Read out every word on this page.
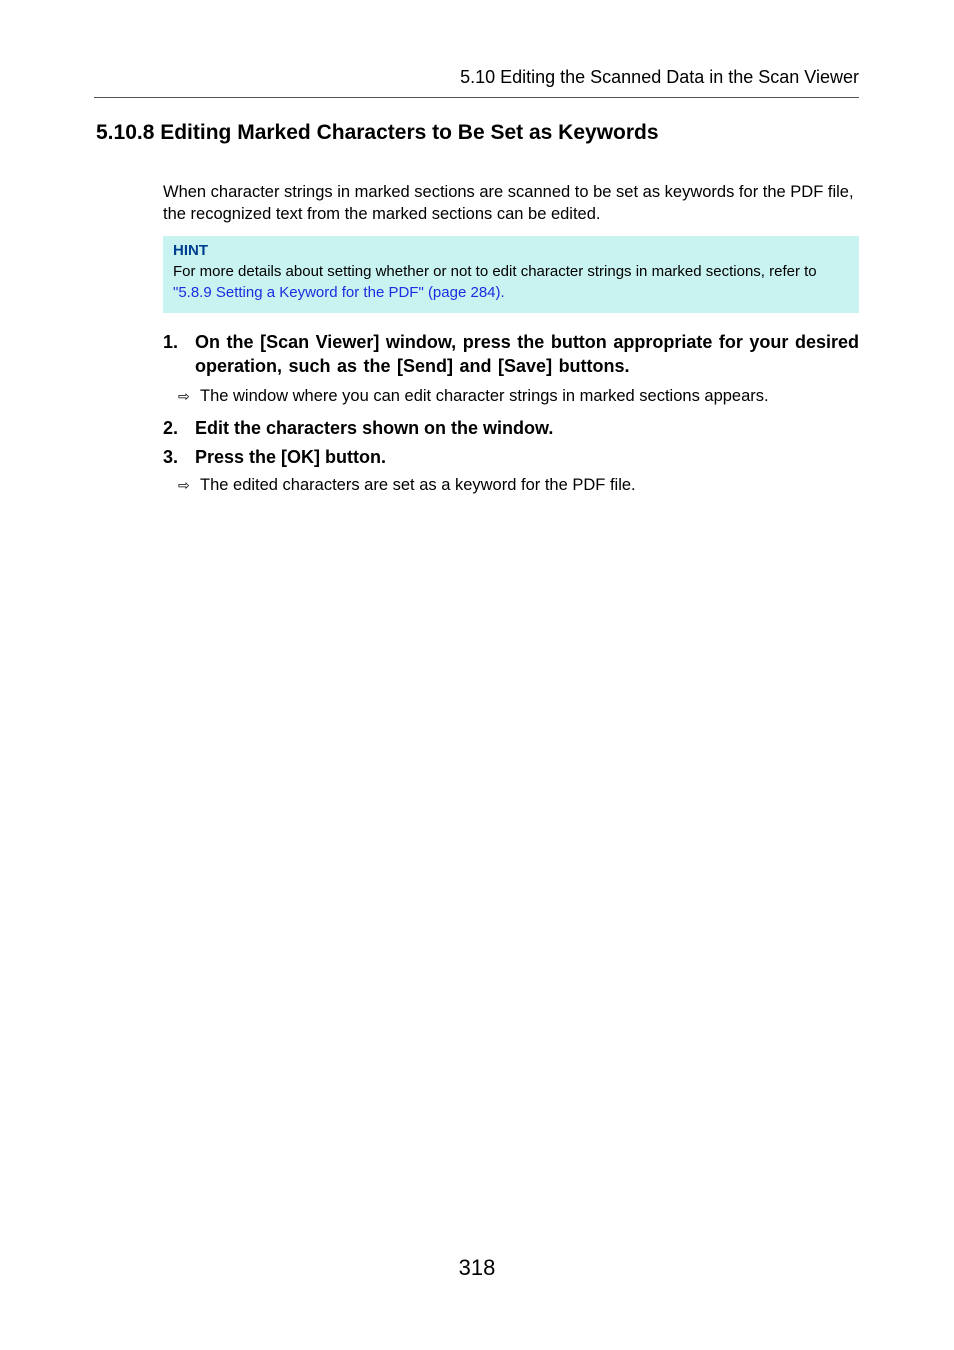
5.10 Editing the Scanned Data in the Scan Viewer
5.10.8 Editing Marked Characters to Be Set as Keywords

When character strings in marked sections are scanned to be set as keywords for the PDF file, the recognized text from the marked sections can be edited.

HINT
For more details about setting whether or not to edit character strings in marked sections, refer to "5.8.9 Setting a Keyword for the PDF" (page 284).
1. On the [Scan Viewer] window, press the button appropriate for your desired operation, such as the [Send] and [Save] buttons.
⇨ The window where you can edit character strings in marked sections appears.
2. Edit the characters shown on the window.
3. Press the [OK] button.
⇨ The edited characters are set as a keyword for the PDF file.
318
